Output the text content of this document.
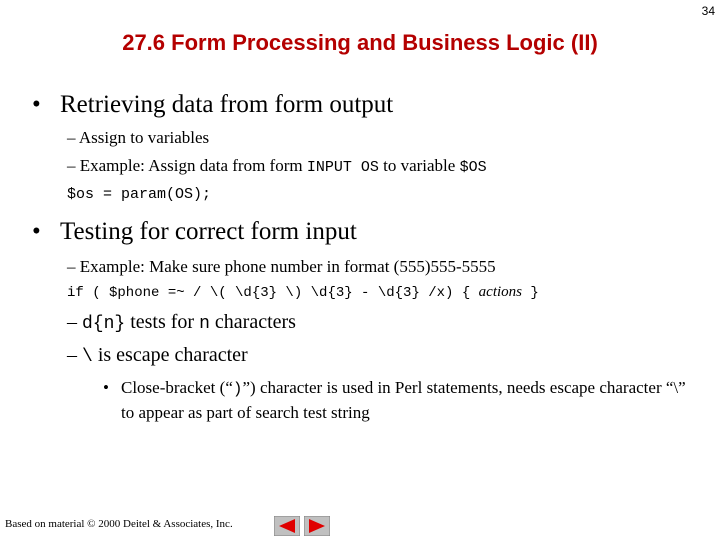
34
27.6 Form Processing and Business Logic (II)
• Retrieving data from form output
– Assign to variables
– Example: Assign data from form INPUT OS to variable $OS
$os = param(OS);
• Testing for correct form input
– Example: Make sure phone number in format (555)555-5555
if ( $phone =~ / \( \d{3} \) \d{3} - \d{3} /x) { actions }
– d{n} tests for n characters
– \ is escape character
• Close-bracket (“)”) character is used in Perl statements, needs escape character “\” to appear as part of search test string
Based on material © 2000 Deitel & Associates, Inc.
